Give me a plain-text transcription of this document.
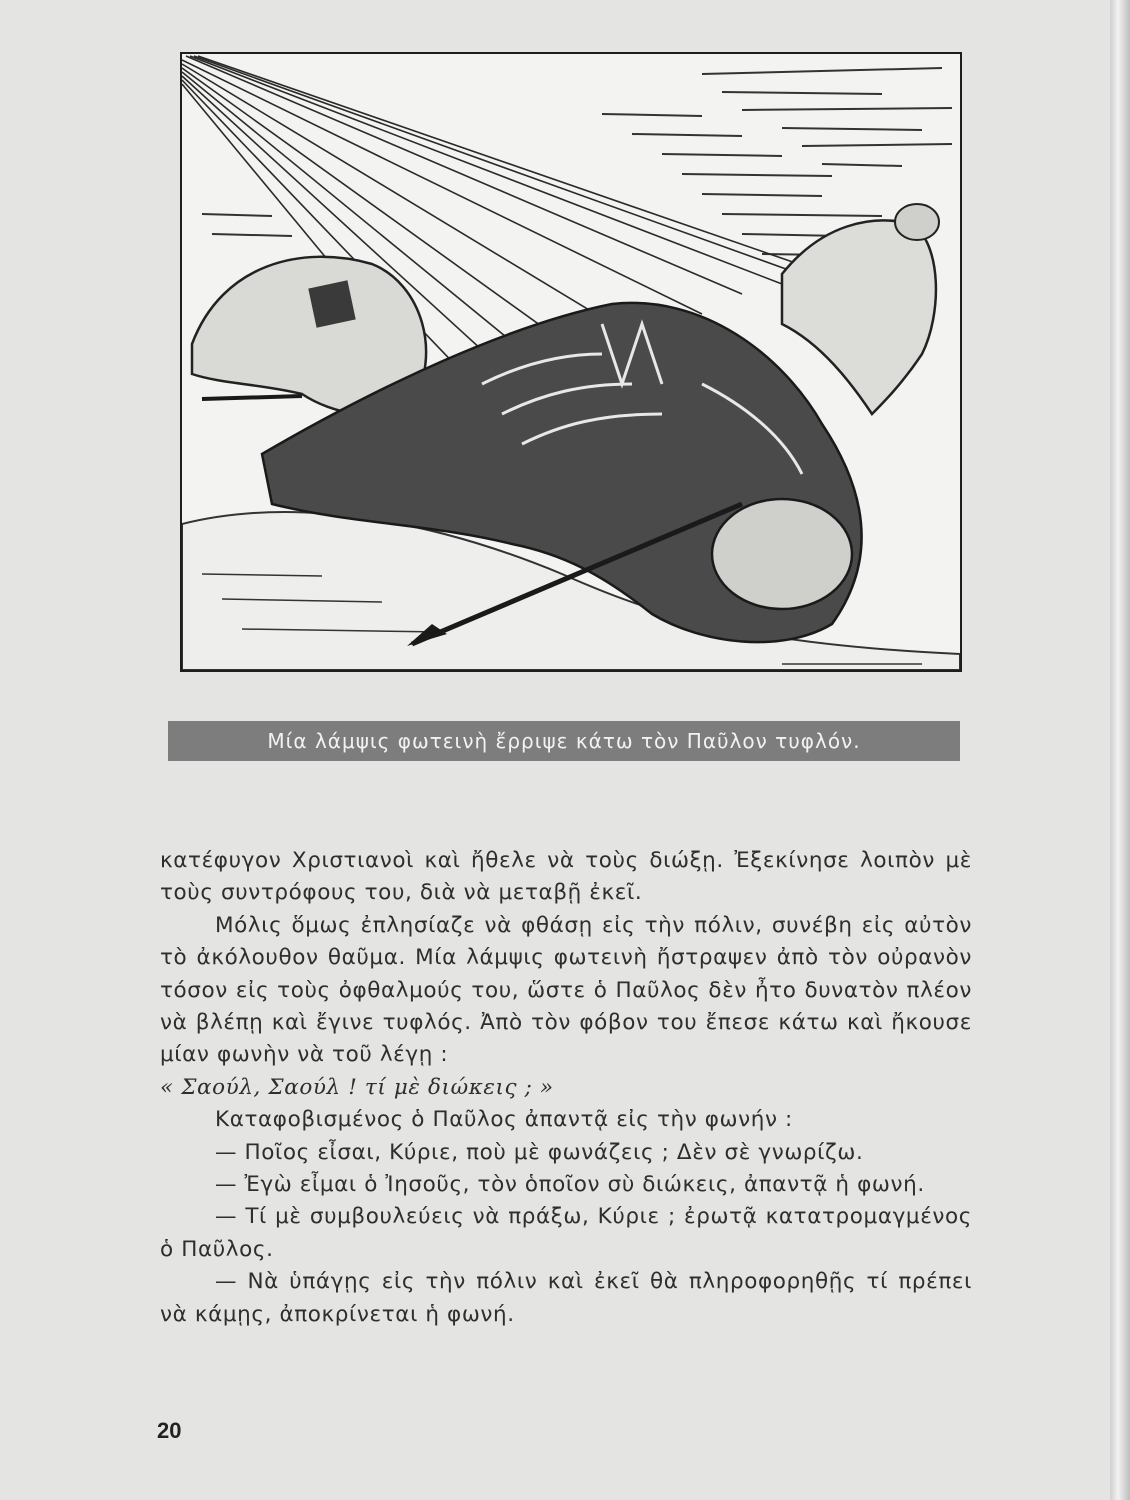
Μία λάμψις φωτεινὴ ἔρριψε κάτω τὸν Παῦλον τυφλόν.

κατέφυγον Χριστιανοὶ καὶ ἤθελε νὰ τοὺς διώξῃ. Ἐξεκίνησε λοιπὸν μὲ τοὺς συντρόφους του, διὰ νὰ μεταβῇ ἐκεῖ.

Μόλις ὅμως ἐπλησίαζε νὰ φθάσῃ εἰς τὴν πόλιν, συνέβη εἰς αὐτὸν τὸ ἀκόλουθον θαῦμα. Μία λάμψις φωτεινὴ ἤστραψεν ἀπὸ τὸν οὐρανὸν τόσον εἰς τοὺς ὀφθαλμούς του, ὥστε ὁ Παῦλος δὲν ἦτο δυνατὸν πλέον νὰ βλέπῃ καὶ ἔγινε τυφλός. Ἀπὸ τὸν φόβον του ἔπεσε κάτω καὶ ἤκουσε μίαν φωνὴν νὰ τοῦ λέγῃ :

« Σαούλ, Σαούλ ! τί μὲ διώκεις ; »

Καταφοβισμένος ὁ Παῦλος ἀπαντᾷ εἰς τὴν φωνήν :

— Ποῖος εἶσαι, Κύριε, ποὺ μὲ φωνάζεις ; Δὲν σὲ γνωρίζω.

— Ἐγὼ εἶμαι ὁ Ἰησοῦς, τὸν ὁποῖον σὺ διώκεις, ἀπαντᾷ ἡ φωνή.

— Τί μὲ συμβουλεύεις νὰ πράξω, Κύριε ; ἐρωτᾷ κατατρομαγμένος ὁ Παῦλος.

— Νὰ ὑπάγῃς εἰς τὴν πόλιν καὶ ἐκεῖ θὰ πληροφορηθῇς τί πρέπει νὰ κάμῃς, ἀποκρίνεται ἡ φωνή.

20
